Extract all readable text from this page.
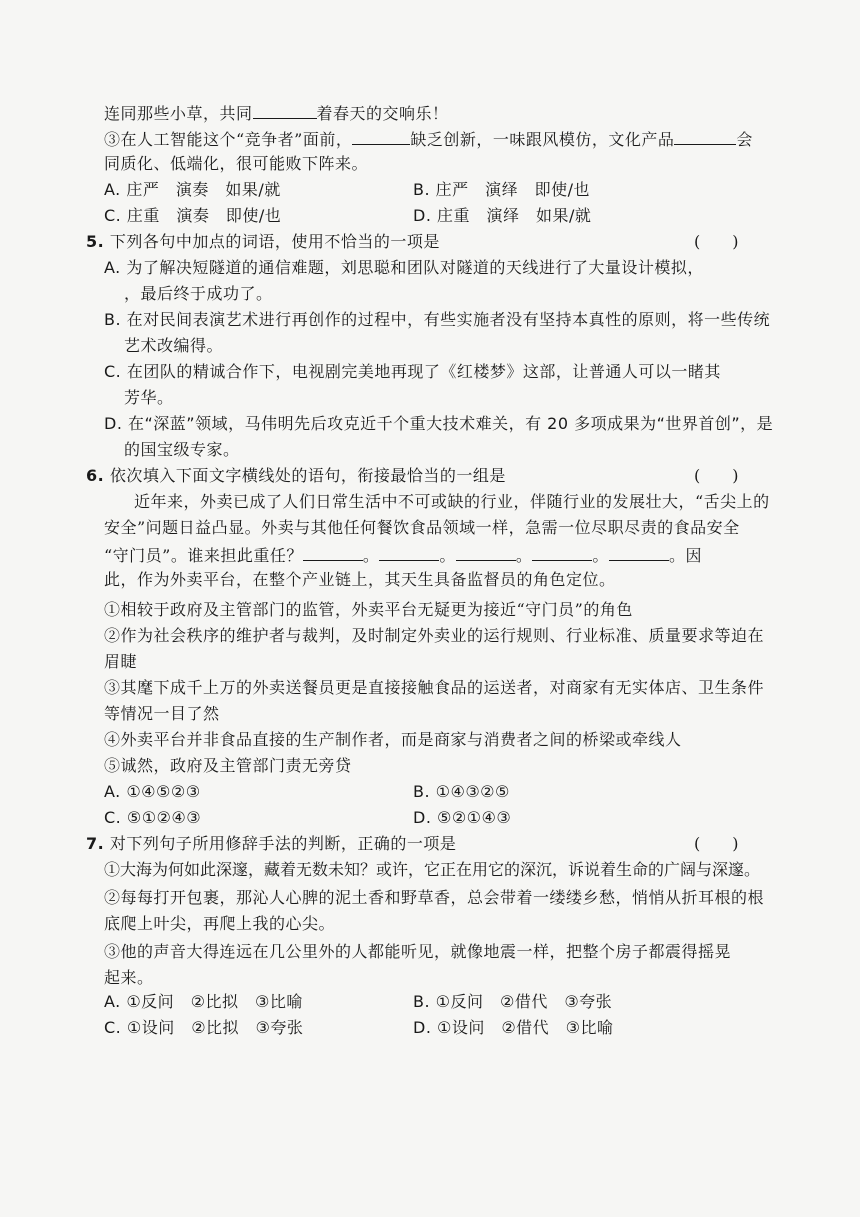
连同那些小草，共同	着春天的交响乐！
③在人工智能这个“竞争者”面前，	缺乏创新，一味跟风模仿，文化产品	会
同质化、低端化，很可能败下阵来。
A. 庄严　演奏　如果/就	B. 庄严　演绎　即使/也
C. 庄重　演奏　即使/也	D. 庄重　演绎　如果/就
5. 下列各句中加点的词语，使用不恰当的一项是	(　　)
A. 为了解决短隧道的通信难题，刘思聪和团队对隧道的天线进行了大量设计模拟，
，最后终于成功了。
B. 在对民间表演艺术进行再创作的过程中，有些实施者没有坚持本真性的原则，将一些传统
艺术改编得。
C. 在团队的精诚合作下，电视剧完美地再现了《红楼梦》这部，让普通人可以一睹其
芳华。
D. 在“深蓝”领域，马伟明先后攻克近千个重大技术难关，有 20 多项成果为“世界首创”，是
的国宝级专家。
6. 依次填入下面文字横线处的语句，衔接最恰当的一组是	(　　)
近年来，外卖已成了人们日常生活中不可或缺的行业，伴随行业的发展壮大，“舌尖上的
安全”问题日益凸显。外卖与其他任何餐饮食品领域一样，急需一位尽职尽责的食品安全
“守门员”。谁来担此重任？	。	。	。	。	。因
此，作为外卖平台，在整个产业链上，其天生具备监督员的角色定位。
①相较于政府及主管部门的监管，外卖平台无疑更为接近“守门员”的角色
②作为社会秩序的维护者与裁判，及时制定外卖业的运行规则、行业标准、质量要求等迫在
眉睫
③其麾下成千上万的外卖送餐员更是直接接触食品的运送者，对商家有无实体店、卫生条件
等情况一目了然
④外卖平台并非食品直接的生产制作者，而是商家与消费者之间的桥梁或牵线人
⑤诚然，政府及主管部门责无旁贷
A. ①④⑤②③	B. ①④③②⑤
C. ⑤①②④③	D. ⑤②①④③
7. 对下列句子所用修辞手法的判断，正确的一项是	(　　)
①大海为何如此深邃，藏着无数未知？或许，它正在用它的深沉，诉说着生命的广阔与深邃。
②每每打开包裹，那沁人心脾的泥土香和野草香，总会带着一缕缕乡愁，悄悄从折耳根的根
底爬上叶尖，再爬上我的心尖。
③他的声音大得连远在几公里外的人都能听见，就像地震一样，把整个房子都震得摇晃
起来。
A. ①反问　②比拟　③比喻	B. ①反问　②借代　③夸张
C. ①设问　②比拟　③夸张	D. ①设问　②借代　③比喻
